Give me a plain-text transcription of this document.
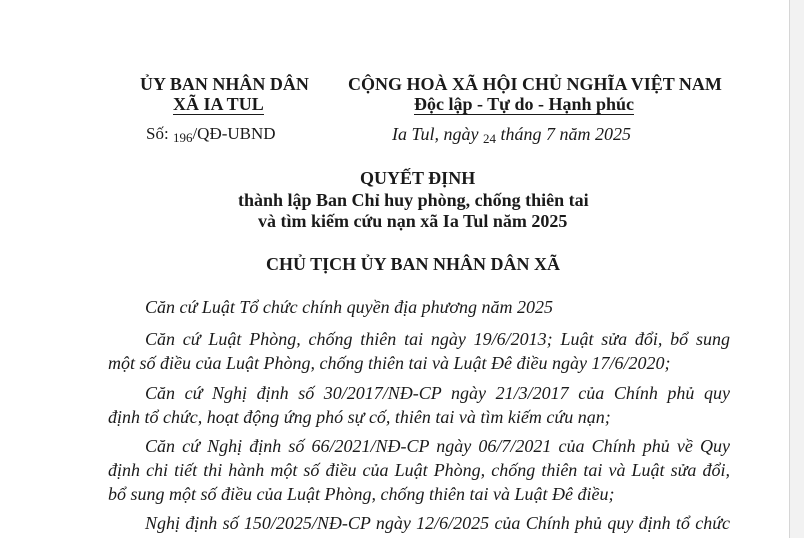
ỦY BAN NHÂN DÂN
XÃ IA TUL
Số: 196/QĐ-UBND
CỘNG HOÀ XÃ HỘI CHỦ NGHĨA VIỆT NAM
Độc lập - Tự do - Hạnh phúc
Ia Tul, ngày 24 tháng 7 năm 2025
QUYẾT ĐỊNH
thành lập Ban Chỉ huy phòng, chống thiên tai
và tìm kiếm cứu nạn xã Ia Tul năm 2025
CHỦ TỊCH ỦY BAN NHÂN DÂN XÃ
Căn cứ Luật Tổ chức chính quyền địa phương năm 2025
Căn cứ Luật Phòng, chống thiên tai ngày 19/6/2013; Luật sửa đổi, bổ sung
một số điều của Luật Phòng, chống thiên tai và Luật Đê điều ngày 17/6/2020;
Căn cứ Nghị định số 30/2017/NĐ-CP ngày 21/3/2017 của Chính phủ quy
định tổ chức, hoạt động ứng phó sự cố, thiên tai và tìm kiếm cứu nạn;
Căn cứ Nghị định số 66/2021/NĐ-CP ngày 06/7/2021 của Chính phủ về Quy
định chi tiết thi hành một số điều của Luật Phòng, chống thiên tai và Luật sửa đổi,
bổ sung một số điều của Luật Phòng, chống thiên tai và Luật Đê điều;
Nghị định số 150/2025/NĐ-CP ngày 12/6/2025 của Chính phủ quy định tổ chức
